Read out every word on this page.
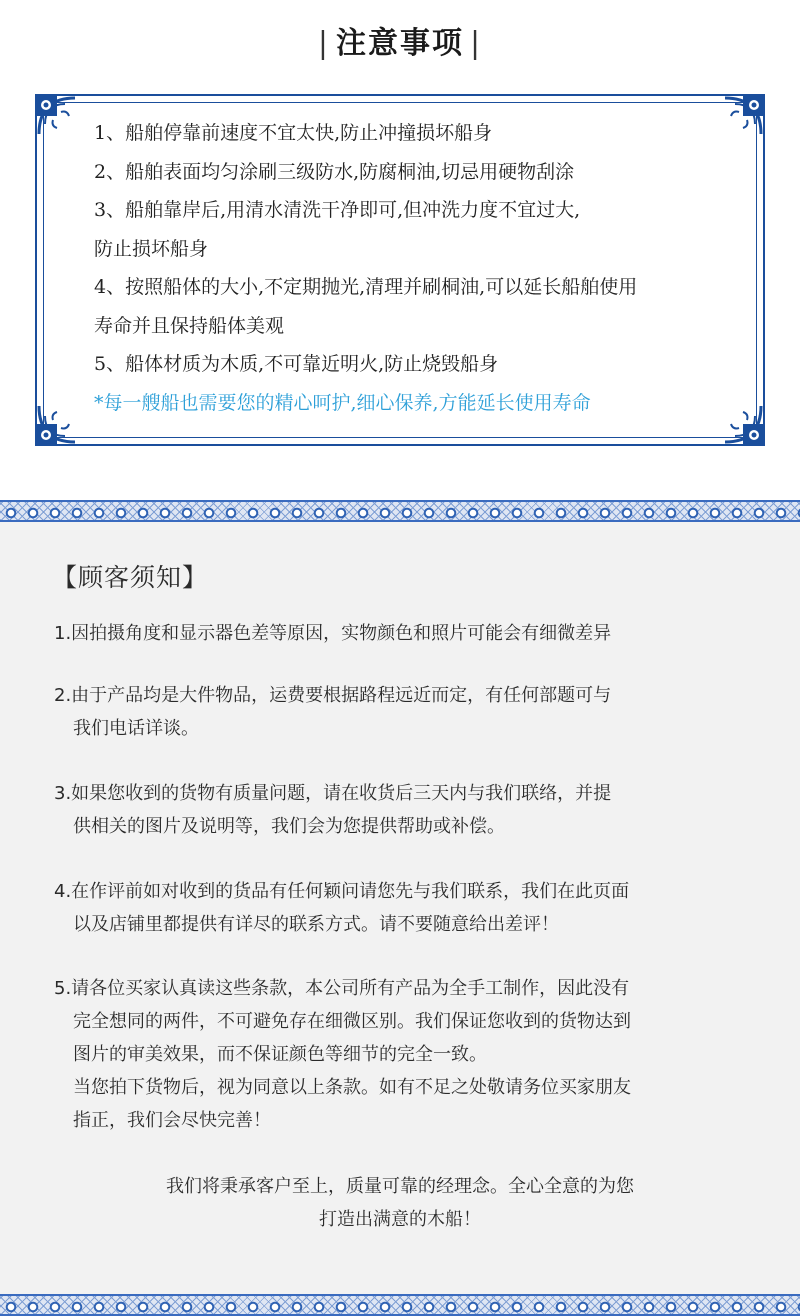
| 注意事项 |
1、船舶停靠前速度不宜太快,防止冲撞损坏船身
2、船舶表面均匀涂刷三级防水,防腐桐油,切忌用硬物刮涂
3、船舶靠岸后,用清水清洗干净即可,但冲洗力度不宜过大,
防止损坏船身
4、按照船体的大小,不定期抛光,清理并刷桐油,可以延长船舶使用
寿命并且保持船体美观
5、船体材质为木质,不可靠近明火,防止烧毁船身
*每一艘船也需要您的精心呵护,细心保养,方能延长使用寿命
【顾客须知】
1.因拍摄角度和显示器色差等原因，实物颜色和照片可能会有细微差异
2.由于产品均是大件物品，运费要根据路程远近而定，有任何部题可与
我们电话详谈。
3.如果您收到的货物有质量问题，请在收货后三天内与我们联络，并提
供相关的图片及说明等，我们会为您提供帮助或补偿。
4.在作评前如对收到的货品有任何颖问请您先与我们联系，我们在此页面
以及店铺里都提供有详尽的联系方式。请不要随意给出差评！
5.请各位买家认真读这些条款，本公司所有产品为全手工制作，因此没有
完全想同的两件，不可避免存在细微区别。我们保证您收到的货物达到
图片的审美效果，而不保证颜色等细节的完全一致。
当您拍下货物后，视为同意以上条款。如有不足之处敬请务位买家朋友
指正，我们会尽快完善！
我们将秉承客户至上，质量可靠的经理念。全心全意的为您
打造出满意的木船！
